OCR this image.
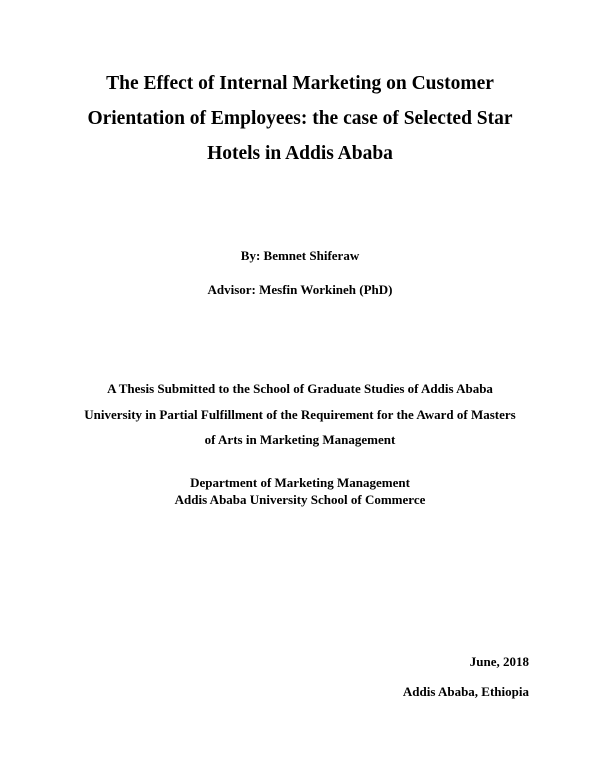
The Effect of Internal Marketing on Customer
Orientation of Employees: the case of Selected Star
Hotels in Addis Ababa
By: Bemnet Shiferaw
Advisor: Mesfin Workineh (PhD)
A Thesis Submitted to the School of Graduate Studies of Addis Ababa
University in Partial Fulfillment of the Requirement for the Award of Masters
of Arts in Marketing Management
Department of Marketing Management
Addis Ababa University School of Commerce
June, 2018
Addis Ababa, Ethiopia
